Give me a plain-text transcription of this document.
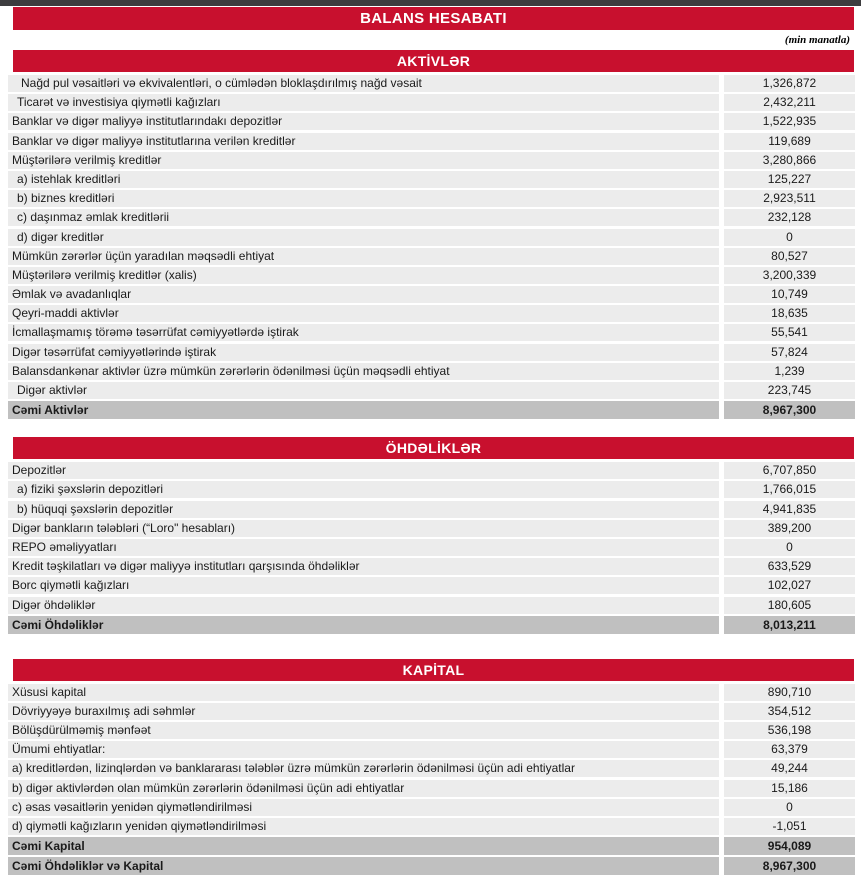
BALANS HESABATI
(min manatla)
AKTİVLƏR
Nağd pul vəsaitləri və ekvivalentləri, o cümlədən bloklaşdırılmış nağd vəsait	1,326,872
Ticarət və investisiya qiymətli kağızları	2,432,211
Banklar və digər maliyyə institutlarındakı depozitlər	1,522,935
Banklar və digər maliyyə institutlarına verilən kreditlər	119,689
Müştərilərə verilmiş kreditlər	3,280,866
a) istehlak kreditləri	125,227
b) biznes kreditləri	2,923,511
c) daşınmaz əmlak kreditlərii	232,128
d) digər kreditlər	0
Mümkün zərərlər üçün yaradılan məqsədli ehtiyat	80,527
Müştərilərə verilmiş kreditlər (xalis)	3,200,339
Əmlak və avadanlıqlar	10,749
Qeyri-maddi aktivlər	18,635
İcmallaşmamış törəmə təsərrüfat cəmiyyətlərdə iştirak	55,541
Digər təsərrüfat cəmiyyətlərində iştirak	57,824
Balansdankənar aktivlər üzrə mümkün zərərlərin ödənilməsi üçün məqsədli ehtiyat	1,239
Digər aktivlər	223,745
Cəmi Aktivlər	8,967,300
ÖHDƏLİKLƏR
Depozitlər	6,707,850
a) fiziki şəxslərin depozitləri	1,766,015
b) hüquqi şəxslərin depozitlər	4,941,835
Digər bankların tələbləri (“Loro" hesabları)	389,200
REPO əməliyyatları	0
Kredit təşkilatları və digər maliyyə institutları qarşısında öhdəliklər	633,529
Borc qiymətli kağızları	102,027
Digər öhdəliklər	180,605
Cəmi Öhdəliklər	8,013,211
KAPİTAL
Xüsusi kapital	890,710
Dövriyyəyə buraxılmış adi səhmlər	354,512
Bölüşdürülməmiş mənfəət	536,198
Ümumi ehtiyatlar:	63,379
a) kreditlərdən, lizinqlərdən və banklararası tələblər üzrə mümkün zərərlərin ödənilməsi üçün adi ehtiyatlar	49,244
b) digər aktivlərdən olan mümkün zərərlərin ödənilməsi üçün adi ehtiyatlar	15,186
c) əsas vəsaitlərin yenidən qiymətləndirilməsi	0
d) qiymətli kağızların yenidən qiymətləndirilməsi	-1,051
Cəmi Kapital	954,089
Cəmi Öhdəliklər və Kapital	8,967,300
